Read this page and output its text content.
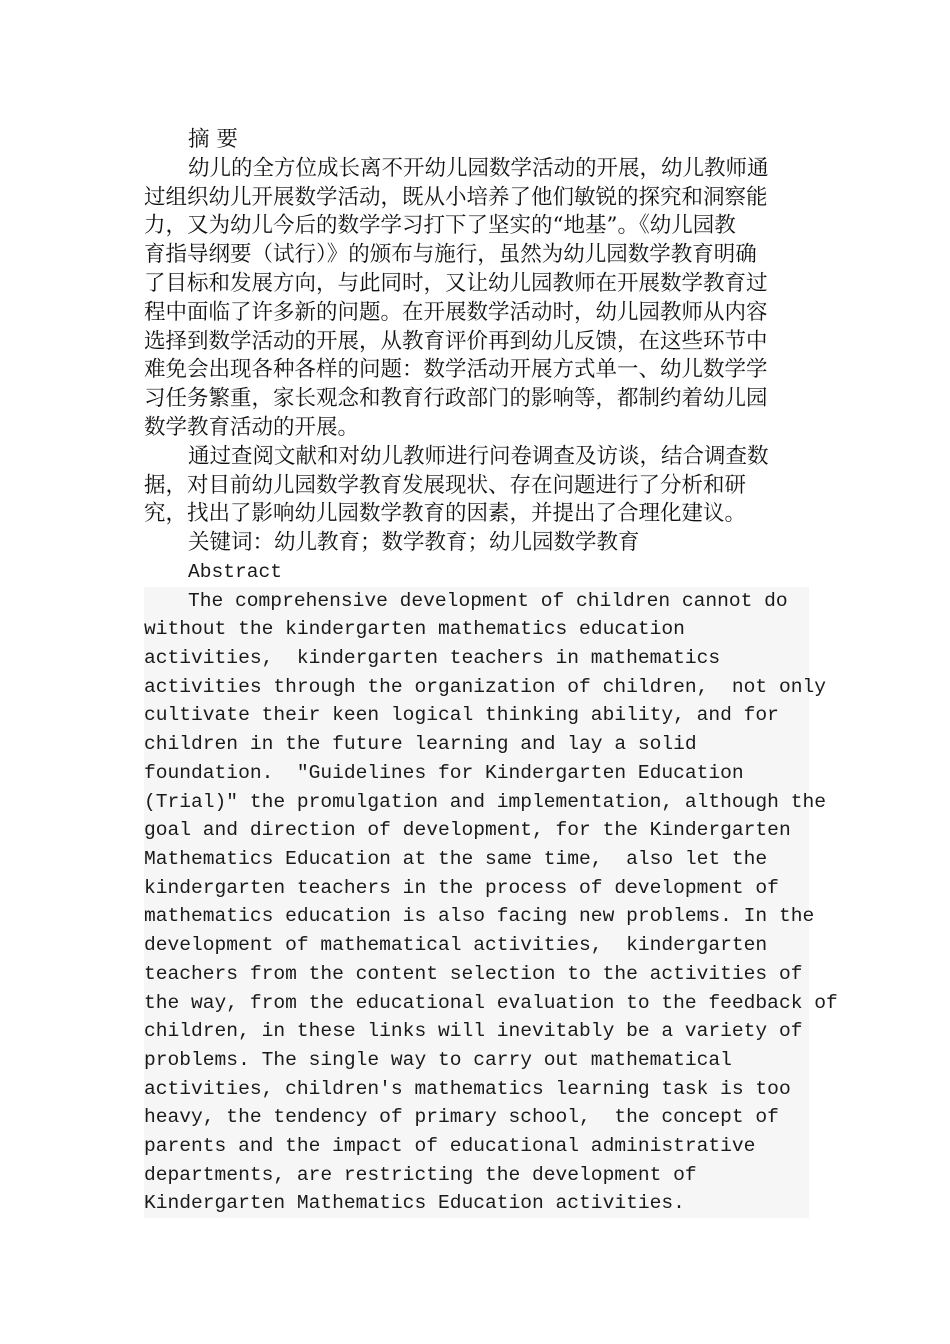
摘 要
幼儿的全方位成长离不开幼儿园数学活动的开展，幼儿教师通
过组织幼儿开展数学活动，既从小培养了他们敏锐的探究和洞察能
力，又为幼儿今后的数学学习打下了坚实的“地基”。《幼儿园教
育指导纲要（试行）》的颁布与施行，虽然为幼儿园数学教育明确
了目标和发展方向，与此同时，又让幼儿园教师在开展数学教育过
程中面临了许多新的问题。在开展数学活动时，幼儿园教师从内容
选择到数学活动的开展，从教育评价再到幼儿反馈，在这些环节中
难免会出现各种各样的问题：数学活动开展方式单一、幼儿数学学
习任务繁重，家长观念和教育行政部门的影响等，都制约着幼儿园
数学教育活动的开展。
通过查阅文献和对幼儿教师进行问卷调查及访谈，结合调查数
据，对目前幼儿园数学教育发展现状、存在问题进行了分析和研
究，找出了影响幼儿园数学教育的因素，并提出了合理化建议。
关键词：幼儿教育；数学教育；幼儿园数学教育
Abstract
The comprehensive development of children cannot do
without the kindergarten mathematics education
activities,  kindergarten teachers in mathematics
activities through the organization of children,  not only
cultivate their keen logical thinking ability, and for
children in the future learning and lay a solid
foundation.  "Guidelines for Kindergarten Education
(Trial)" the promulgation and implementation, although the
goal and direction of development, for the Kindergarten
Mathematics Education at the same time,  also let the
kindergarten teachers in the process of development of
mathematics education is also facing new problems. In the
development of mathematical activities,  kindergarten
teachers from the content selection to the activities of
the way, from the educational evaluation to the feedback of
children, in these links will inevitably be a variety of
problems. The single way to carry out mathematical
activities, children's mathematics learning task is too
heavy, the tendency of primary school,  the concept of
parents and the impact of educational administrative
departments, are restricting the development of
Kindergarten Mathematics Education activities.
